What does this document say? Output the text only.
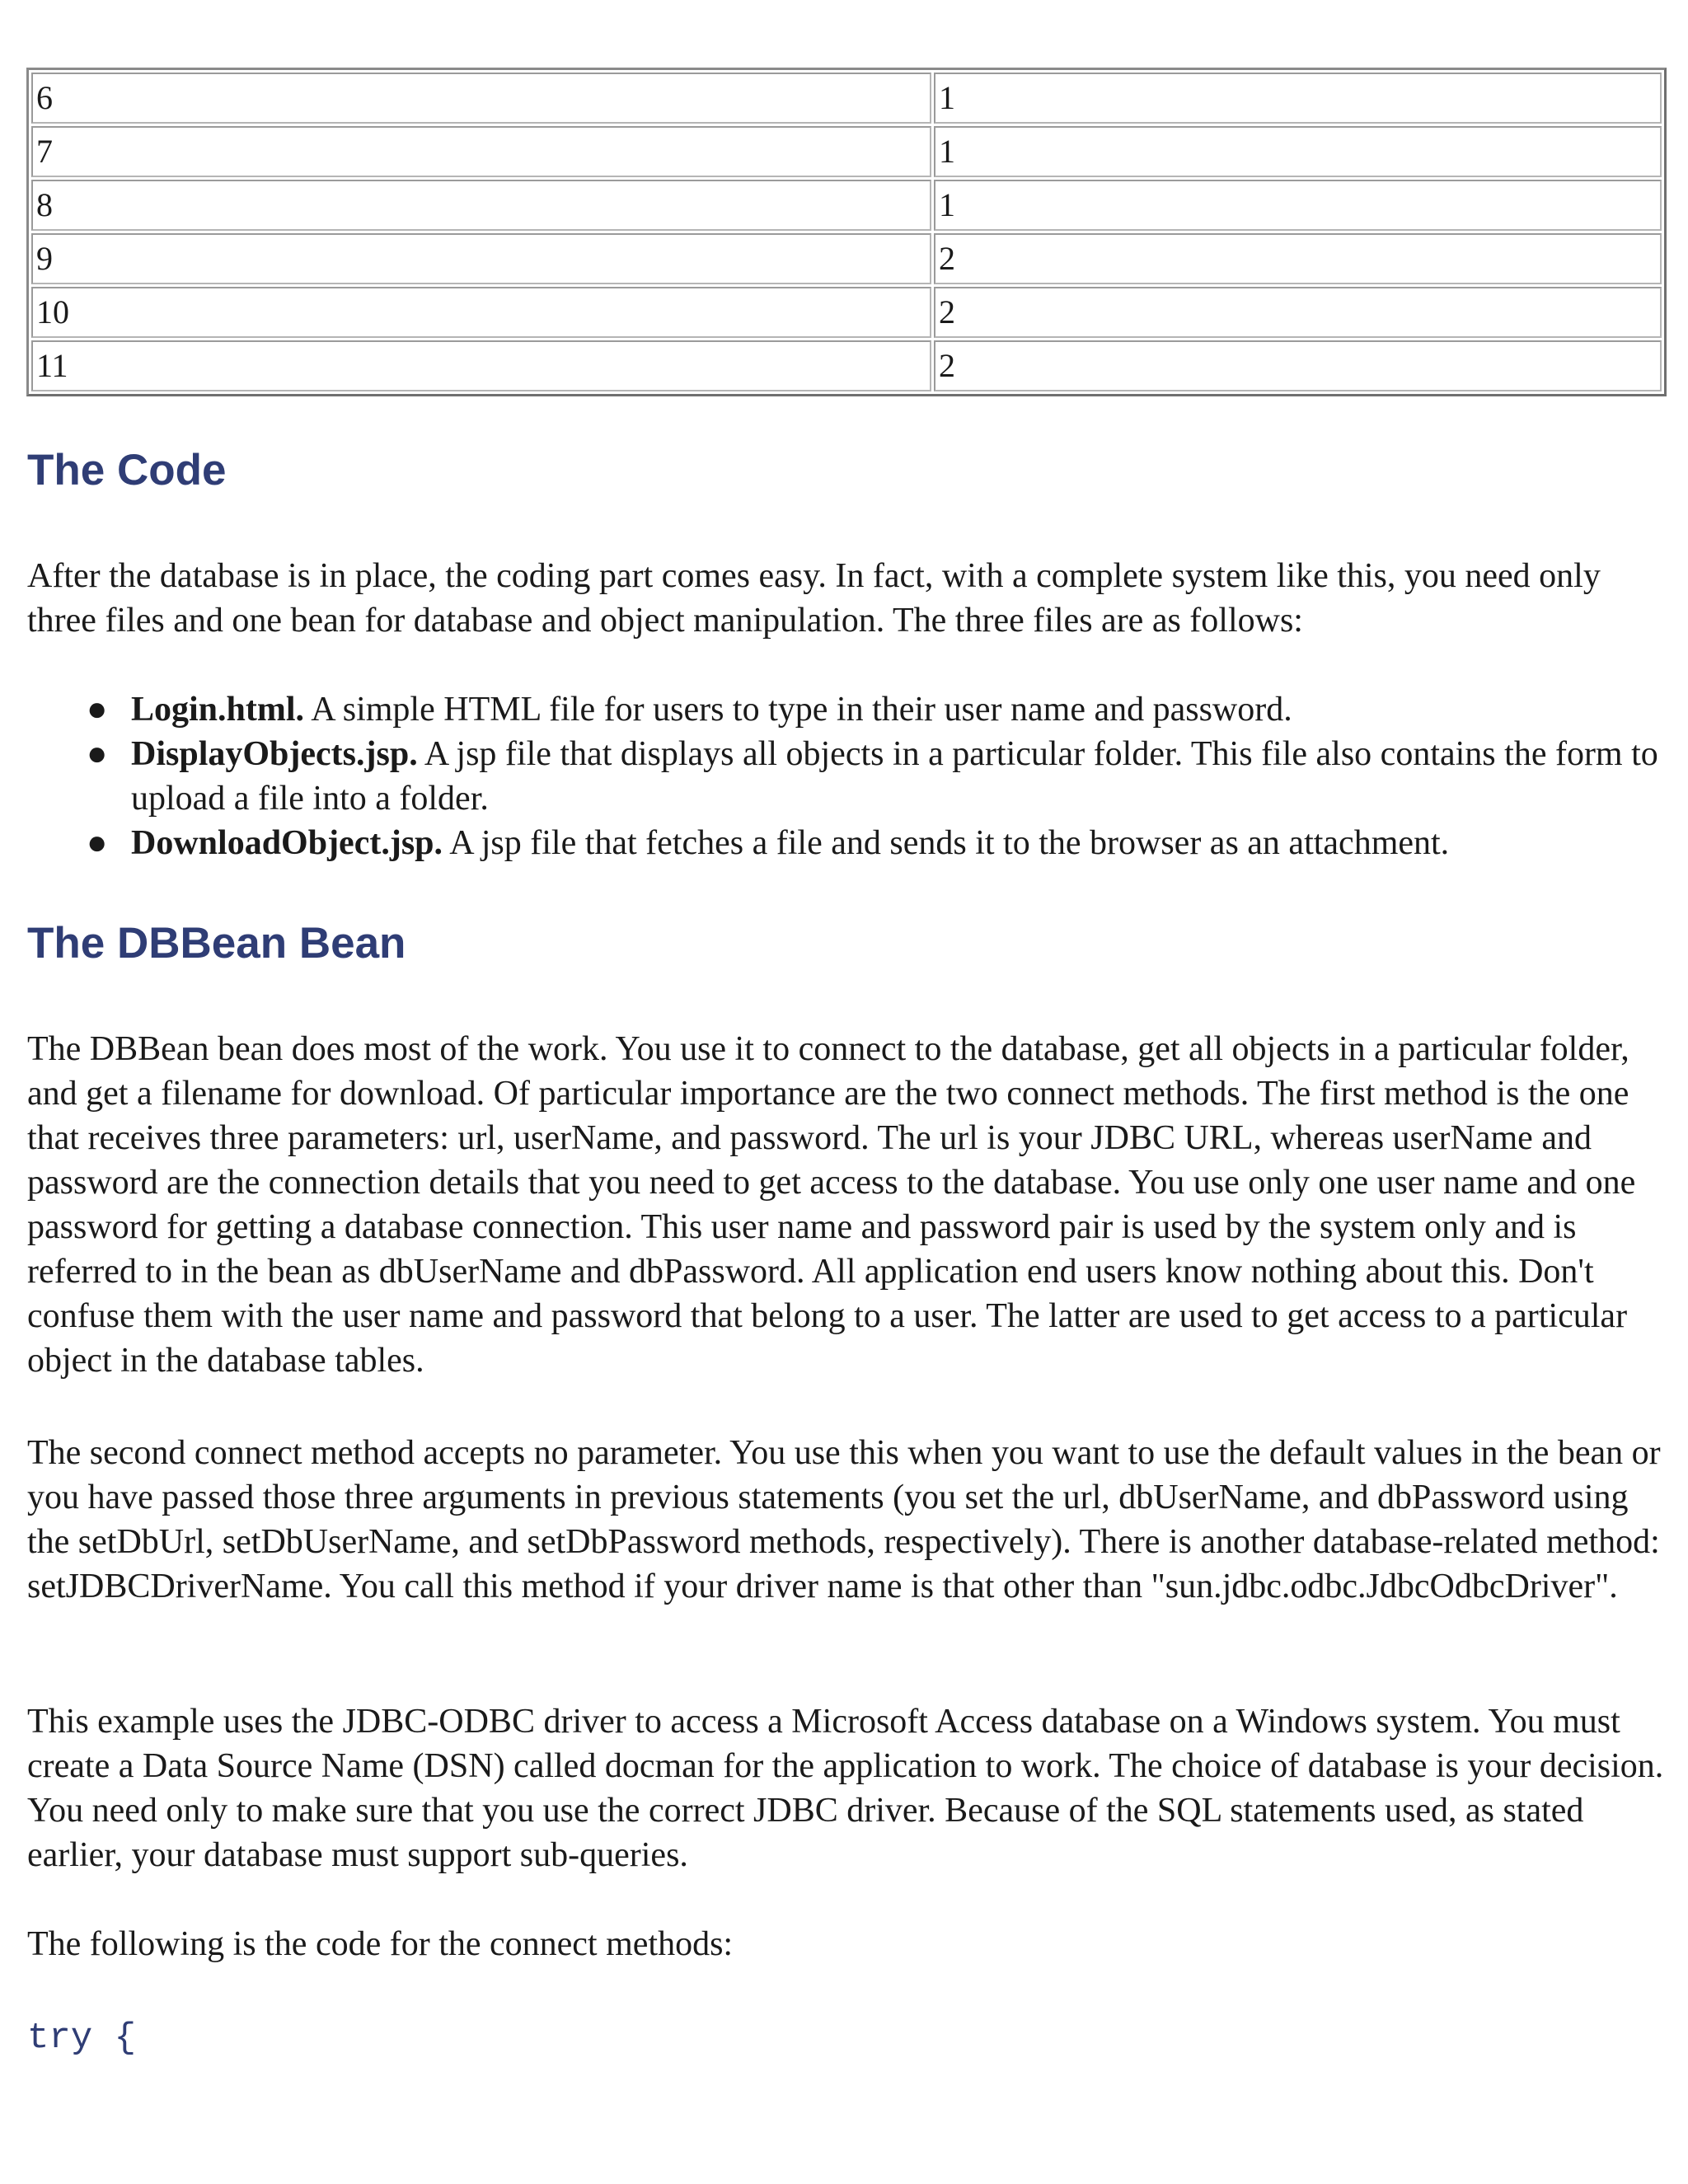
6	1
7	1
8	1
9	2
10	2
11	2
The Code

After the database is in place, the coding part comes easy. In fact, with a complete system like this, you need only three files and one bean for database and object manipulation. The three files are as follows:

● Login.html. A simple HTML file for users to type in their user name and password.
● DisplayObjects.jsp. A jsp file that displays all objects in a particular folder. This file also contains the form to upload a file into a folder.
● DownloadObject.jsp. A jsp file that fetches a file and sends it to the browser as an attachment.
The DBBean Bean

The DBBean bean does most of the work. You use it to connect to the database, get all objects in a particular folder, and get a filename for download. Of particular importance are the two connect methods. The first method is the one that receives three parameters: url, userName, and password. The url is your JDBC URL, whereas userName and password are the connection details that you need to get access to the database. You use only one user name and one password for getting a database connection. This user name and password pair is used by the system only and is referred to in the bean as dbUserName and dbPassword. All application end users know nothing about this. Don't confuse them with the user name and password that belong to a user. The latter are used to get access to a particular object in the database tables.

The second connect method accepts no parameter. You use this when you want to use the default values in the bean or you have passed those three arguments in previous statements (you set the url, dbUserName, and dbPassword using the setDbUrl, setDbUserName, and setDbPassword methods, respectively). There is another database-related method: setJDBCDriverName. You call this method if your driver name is that other than "sun.jdbc.odbc.JdbcOdbcDriver".

This example uses the JDBC-ODBC driver to access a Microsoft Access database on a Windows system. You must create a Data Source Name (DSN) called docman for the application to work. The choice of database is your decision. You need only to make sure that you use the correct JDBC driver. Because of the SQL statements used, as stated earlier, your database must support sub-queries.

The following is the code for the connect methods:

try {
